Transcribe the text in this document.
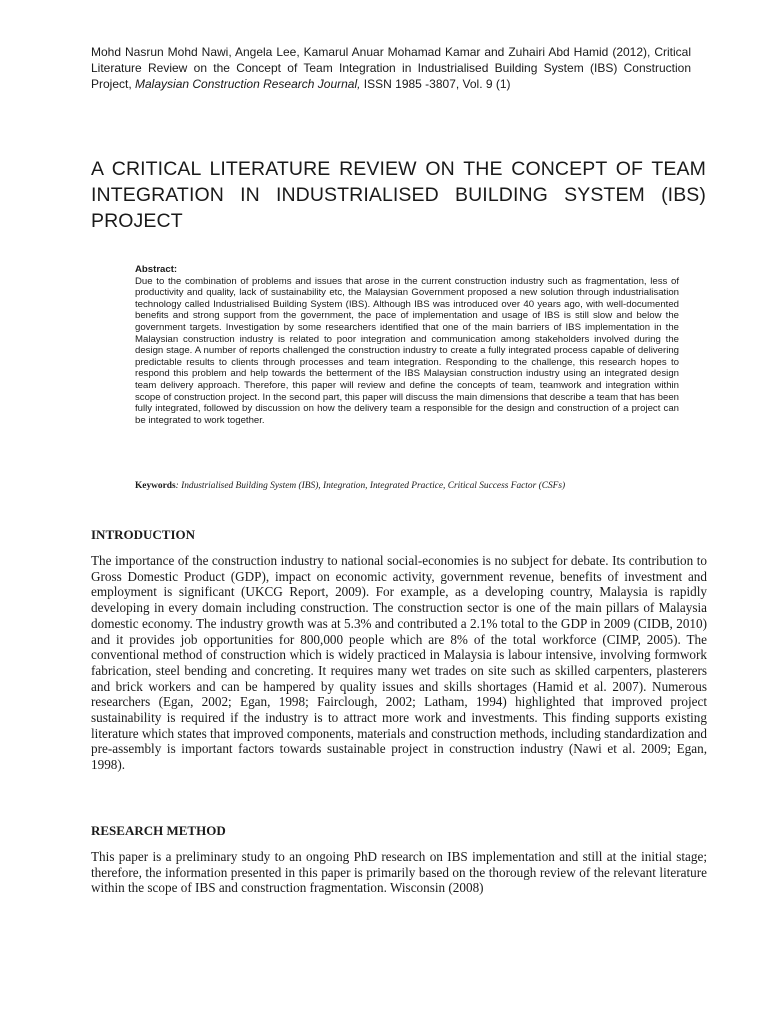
Mohd Nasrun Mohd Nawi, Angela Lee, Kamarul Anuar Mohamad Kamar and Zuhairi Abd Hamid (2012), Critical Literature Review on the Concept of Team Integration in Industrialised Building System (IBS) Construction Project, Malaysian Construction Research Journal, ISSN 1985 -3807, Vol. 9 (1)
A CRITICAL LITERATURE REVIEW ON THE CONCEPT OF TEAM INTEGRATION IN INDUSTRIALISED BUILDING SYSTEM (IBS) PROJECT
Abstract:
Due to the combination of problems and issues that arose in the current construction industry such as fragmentation, less of productivity and quality, lack of sustainability etc, the Malaysian Government proposed a new solution through industrialisation technology called Industrialised Building System (IBS). Although IBS was introduced over 40 years ago, with well-documented benefits and strong support from the government, the pace of implementation and usage of IBS is still slow and below the government targets. Investigation by some researchers identified that one of the main barriers of IBS implementation in the Malaysian construction industry is related to poor integration and communication among stakeholders involved during the design stage. A number of reports challenged the construction industry to create a fully integrated process capable of delivering predictable results to clients through processes and team integration. Responding to the challenge, this research hopes to respond this problem and help towards the betterment of the IBS Malaysian construction industry using an integrated design team delivery approach. Therefore, this paper will review and define the concepts of team, teamwork and integration within scope of construction project. In the second part, this paper will discuss the main dimensions that describe a team that has been fully integrated, followed by discussion on how the delivery team a responsible for the design and construction of a project can be integrated to work together.
Keywords: Industrialised Building System (IBS), Integration, Integrated Practice, Critical Success Factor (CSFs)
INTRODUCTION

The importance of the construction industry to national social-economies is no subject for debate. Its contribution to Gross Domestic Product (GDP), impact on economic activity, government revenue, benefits of investment and employment is significant (UKCG Report, 2009). For example, as a developing country, Malaysia is rapidly developing in every domain including construction. The construction sector is one of the main pillars of Malaysia domestic economy. The industry growth was at 5.3% and contributed a 2.1% total to the GDP in 2009 (CIDB, 2010) and it provides job opportunities for 800,000 people which are 8% of the total workforce (CIMP, 2005). The conventional method of construction which is widely practiced in Malaysia is labour intensive, involving formwork fabrication, steel bending and concreting. It requires many wet trades on site such as skilled carpenters, plasterers and brick workers and can be hampered by quality issues and skills shortages (Hamid et al. 2007). Numerous researchers (Egan, 2002; Egan, 1998; Fairclough, 2002; Latham, 1994) highlighted that improved project sustainability is required if the industry is to attract more work and investments. This finding supports existing literature which states that improved components, materials and construction methods, including standardization and pre-assembly is important factors towards sustainable project in construction industry (Nawi et al. 2009; Egan, 1998).

RESEARCH METHOD

This paper is a preliminary study to an ongoing PhD research on IBS implementation and still at the initial stage; therefore, the information presented in this paper is primarily based on the thorough review of the relevant literature within the scope of IBS and construction fragmentation. Wisconsin (2008)
